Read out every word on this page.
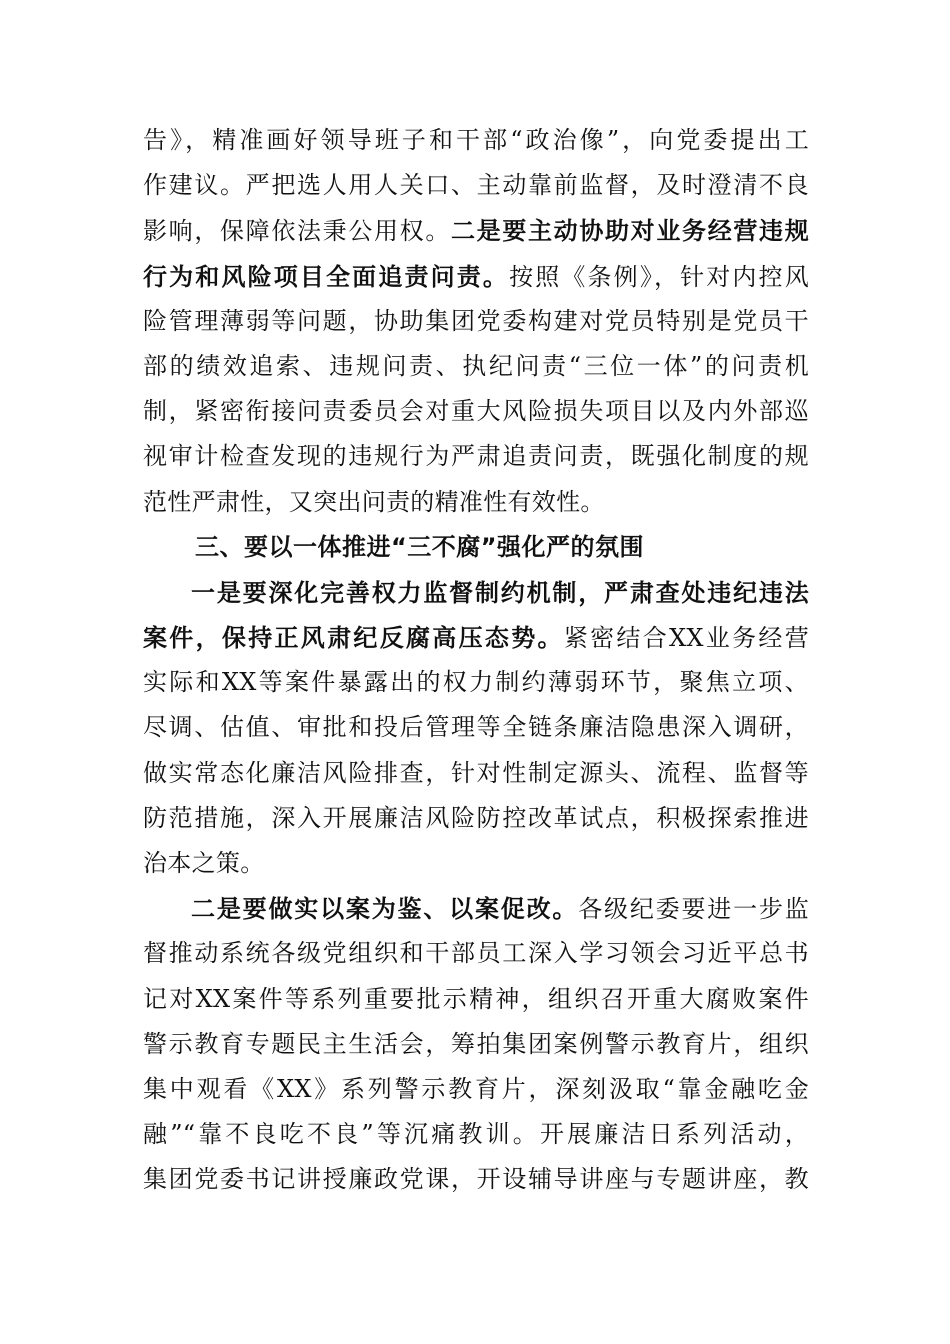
告》，精准画好领导班子和干部“政治像”，向党委提出工
作建议。严把选人用人关口、主动靠前监督，及时澄清不良
影响，保障依法秉公用权。二是要主动协助对业务经营违规
行为和风险项目全面追责问责。按照《条例》，针对内控风
险管理薄弱等问题，协助集团党委构建对党员特别是党员干
部的绩效追索、违规问责、执纪问责“三位一体”的问责机
制，紧密衔接问责委员会对重大风险损失项目以及内外部巡
视审计检查发现的违规行为严肃追责问责，既强化制度的规
范性严肃性，又突出问责的精准性有效性。
三、要以一体推进“三不腐”强化严的氛围
一是要深化完善权力监督制约机制，严肃查处违纪违法
案件，保持正风肃纪反腐高压态势。紧密结合XX业务经营
实际和XX等案件暴露出的权力制约薄弱环节，聚焦立项、
尽调、估值、审批和投后管理等全链条廉洁隐患深入调研，
做实常态化廉洁风险排查，针对性制定源头、流程、监督等
防范措施，深入开展廉洁风险防控改革试点，积极探索推进
治本之策。
二是要做实以案为鉴、以案促改。各级纪委要进一步监
督推动系统各级党组织和干部员工深入学习领会习近平总书
记对XX案件等系列重要批示精神，组织召开重大腐败案件
警示教育专题民主生活会，筹拍集团案例警示教育片，组织
集中观看《XX》系列警示教育片，深刻汲取“靠金融吃金
融”“靠不良吃不良”等沉痛教训。开展廉洁日系列活动，
集团党委书记讲授廉政党课，开设辅导讲座与专题讲座，教
